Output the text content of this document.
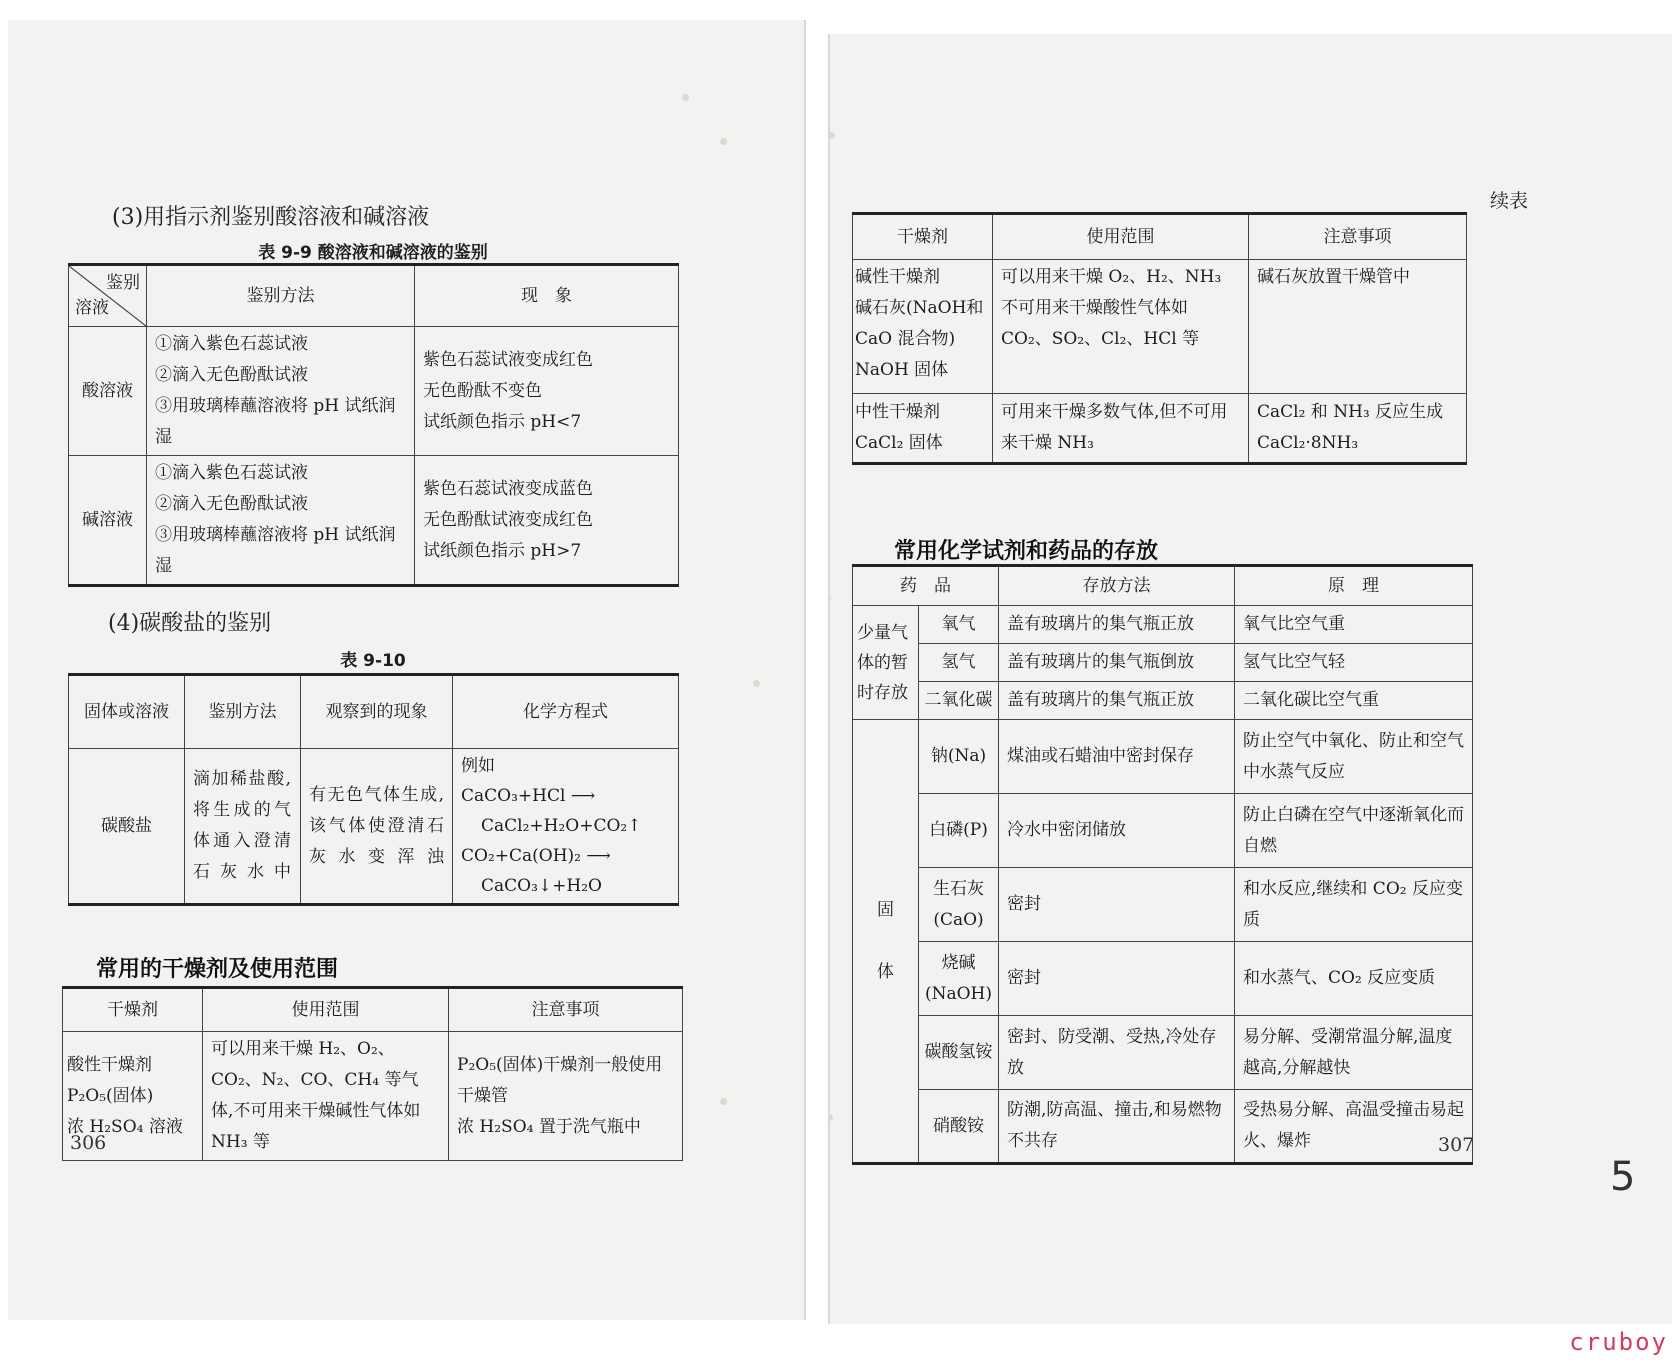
(3)用指示剂鉴别酸溶液和碱溶液
表 9-9 酸溶液和碱溶液的鉴别
鉴别
溶液	鉴别方法	现　象
酸溶液	①滴入紫色石蕊试液
②滴入无色酚酞试液
③用玻璃棒蘸溶液将 pH 试纸润湿	紫色石蕊试液变成红色
无色酚酞不变色
试纸颜色指示 pH<7
碱溶液	①滴入紫色石蕊试液
②滴入无色酚酞试液
③用玻璃棒蘸溶液将 pH 试纸润湿	紫色石蕊试液变成蓝色
无色酚酞试液变成红色
试纸颜色指示 pH>7
(4)碳酸盐的鉴别
表 9-10
固体或溶液	鉴别方法	观察到的现象	化学方程式
碳酸盐	滴加稀盐酸,将生成的气体通入澄清石灰水中	有无色气体生成,该气体使澄清石灰水变浑浊	例如
CaCO₃+HCl ⟶
CaCl₂+H₂O+CO₂↑
CO₂+Ca(OH)₂ ⟶
CaCO₃↓+H₂O
常用的干燥剂及使用范围
干燥剂	使用范围	注意事项
酸性干燥剂
P₂O₅(固体)
浓 H₂SO₄ 溶液	可以用来干燥 H₂、O₂、CO₂、N₂、CO、CH₄ 等气体,不可用来干燥碱性气体如 NH₃ 等	P₂O₅(固体)干燥剂一般使用干燥管
浓 H₂SO₄ 置于洗气瓶中
306
续表
干燥剂	使用范围	注意事项
碱性干燥剂
碱石灰(NaOH和 CaO 混合物)
NaOH 固体	可以用来干燥 O₂、H₂、NH₃
不可用来干燥酸性气体如 CO₂、SO₂、Cl₂、HCl 等	碱石灰放置干燥管中
中性干燥剂
CaCl₂ 固体	可用来干燥多数气体,但不可用来干燥 NH₃	CaCl₂ 和 NH₃ 反应生成
CaCl₂·8NH₃
常用化学试剂和药品的存放
药　品		存放方法	原　理
少量气体的暂时存放	氧气	盖有玻璃片的集气瓶正放	氧气比空气重
	氢气	盖有玻璃片的集气瓶倒放	氢气比空气轻
	二氧化碳	盖有玻璃片的集气瓶正放	二氧化碳比空气重
固

体	钠(Na)	煤油或石蜡油中密封保存	防止空气中氧化、防止和空气中水蒸气反应
	白磷(P)	冷水中密闭储放	防止白磷在空气中逐渐氧化而自燃
	生石灰
(CaO)	密封	和水反应,继续和 CO₂ 反应变质
	烧碱
(NaOH)	密封	和水蒸气、CO₂ 反应变质
	碳酸氢铵	密封、防受潮、受热,冷处存放	易分解、受潮常温分解,温度越高,分解越快
	硝酸铵	防潮,防高温、撞击,和易燃物不共存	受热易分解、高温受撞击易起火、爆炸	307
5
cruboy
